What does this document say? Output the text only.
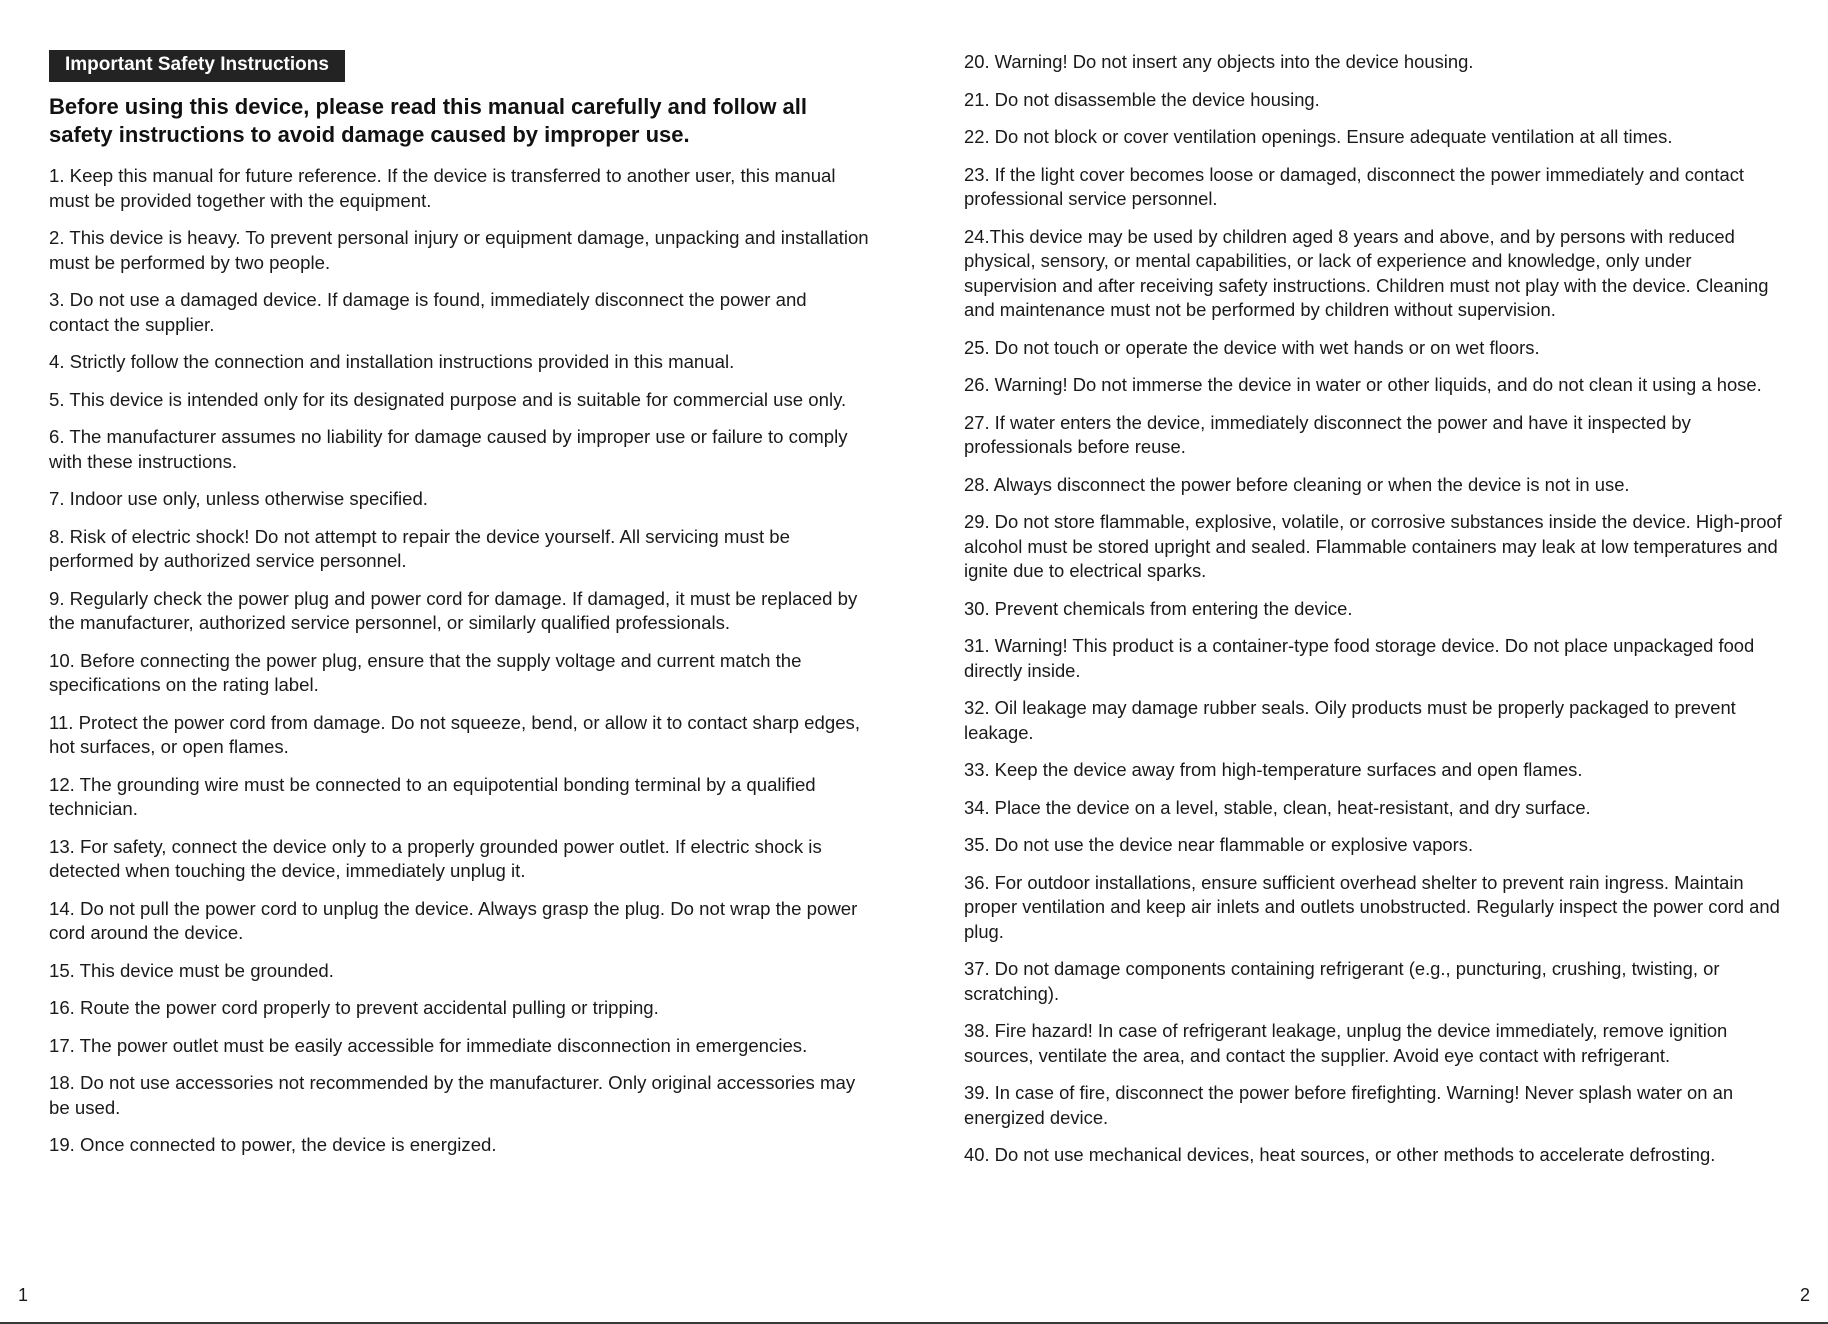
Important Safety Instructions

Before using this device, please read this manual carefully and follow all safety instructions to avoid damage caused by improper use.

1. Keep this manual for future reference. If the device is transferred to another user, this manual must be provided together with the equipment.

2. This device is heavy. To prevent personal injury or equipment damage, unpacking and installation must be performed by two people.

3. Do not use a damaged device. If damage is found, immediately disconnect the power and contact the supplier.

4. Strictly follow the connection and installation instructions provided in this manual.

5. This device is intended only for its designated purpose and is suitable for commercial use only.

6. The manufacturer assumes no liability for damage caused by improper use or failure to comply with these instructions.

7. Indoor use only, unless otherwise specified.

8. Risk of electric shock! Do not attempt to repair the device yourself. All servicing must be performed by authorized service personnel.

9. Regularly check the power plug and power cord for damage. If damaged, it must be replaced by the manufacturer, authorized service personnel, or similarly qualified professionals.

10. Before connecting the power plug, ensure that the supply voltage and current match the specifications on the rating label.

11. Protect the power cord from damage. Do not squeeze, bend, or allow it to contact sharp edges, hot surfaces, or open flames.

12. The grounding wire must be connected to an equipotential bonding terminal by a qualified technician.

13. For safety, connect the device only to a properly grounded power outlet. If electric shock is detected when touching the device, immediately unplug it.

14. Do not pull the power cord to unplug the device. Always grasp the plug. Do not wrap the power cord around the device.

15. This device must be grounded.

16. Route the power cord properly to prevent accidental pulling or tripping.

17. The power outlet must be easily accessible for immediate disconnection in emergencies.

18. Do not use accessories not recommended by the manufacturer. Only original accessories may be used.

19. Once connected to power, the device is energized.

1

20. Warning! Do not insert any objects into the device housing.

21. Do not disassemble the device housing.

22. Do not block or cover ventilation openings. Ensure adequate ventilation at all times.

23. If the light cover becomes loose or damaged, disconnect the power immediately and contact professional service personnel.

24.This device may be used by children aged 8 years and above, and by persons with reduced physical, sensory, or mental capabilities, or lack of experience and knowledge, only under supervision and after receiving safety instructions. Children must not play with the device. Cleaning and maintenance must not be performed by children without supervision.

25. Do not touch or operate the device with wet hands or on wet floors.

26. Warning! Do not immerse the device in water or other liquids, and do not clean it using a hose.

27. If water enters the device, immediately disconnect the power and have it inspected by professionals before reuse.

28. Always disconnect the power before cleaning or when the device is not in use.

29. Do not store flammable, explosive, volatile, or corrosive substances inside the device. High-proof alcohol must be stored upright and sealed. Flammable containers may leak at low temperatures and ignite due to electrical sparks.

30. Prevent chemicals from entering the device.

31. Warning! This product is a container-type food storage device. Do not place unpackaged food directly inside.

32. Oil leakage may damage rubber seals. Oily products must be properly packaged to prevent leakage.

33. Keep the device away from high-temperature surfaces and open flames.

34. Place the device on a level, stable, clean, heat-resistant, and dry surface.

35. Do not use the device near flammable or explosive vapors.

36. For outdoor installations, ensure sufficient overhead shelter to prevent rain ingress. Maintain proper ventilation and keep air inlets and outlets unobstructed. Regularly inspect the power cord and plug.

37. Do not damage components containing refrigerant (e.g., puncturing, crushing, twisting, or scratching).

38. Fire hazard! In case of refrigerant leakage, unplug the device immediately, remove ignition sources, ventilate the area, and contact the supplier. Avoid eye contact with refrigerant.

39. In case of fire, disconnect the power before firefighting. Warning! Never splash water on an energized device.

40. Do not use mechanical devices, heat sources, or other methods to accelerate defrosting.

2
